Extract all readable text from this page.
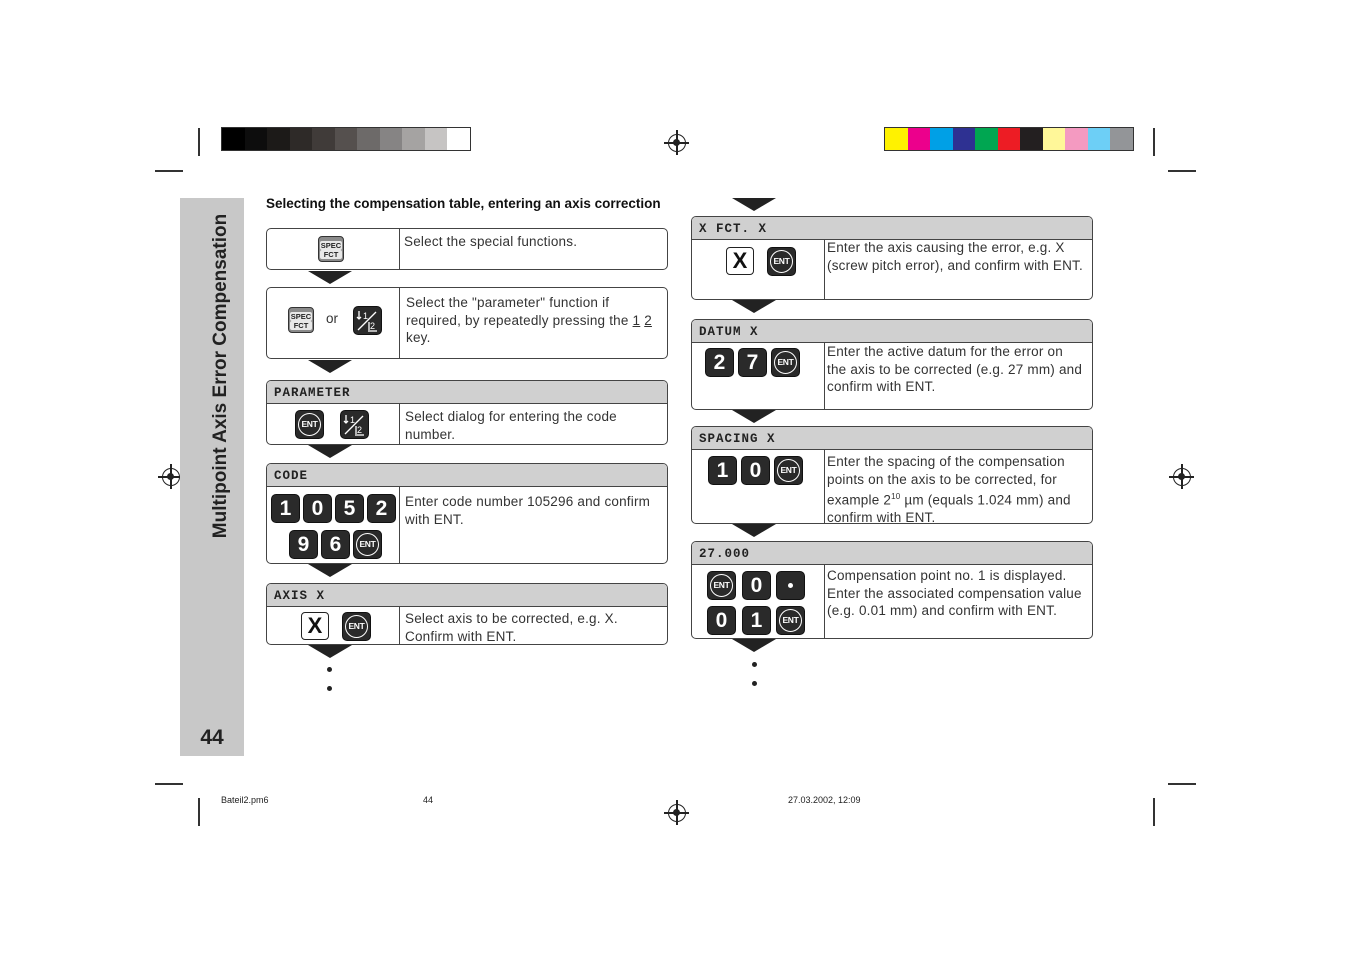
Multipoint Axis Error Compensation
44
Selecting the compensation table, entering an axis correction
SPEC
FCT
Select the special functions.
SPEC
FCT	or	1
2
Select the "parameter" function if required, by repeatedly pressing the 1 2 key.
PARAMETER
ENT	1
2
Select dialog for entering the code number.
CODE
1 0 5 2
9 6	ENT
Enter code number 105296 and confirm with ENT.
AXIS X
X	ENT	Select axis to be corrected, e.g. X. Confirm with ENT.
X FCT. X
X	ENT
Enter the axis causing the error, e.g. X (screw pitch error), and confirm with ENT.
DATUM X
2	7	ENT
Enter the active datum for the error on the axis to be corrected (e.g. 27 mm) and confirm with ENT.
SPACING X
1	0	ENT
Enter the spacing of the compensation points on the axis to be corrected, for example $2^{10}$ µm (equals 1.024 mm) and confirm with ENT.
27.000
ENT	0
0	1	ENT
Compensation point no. 1 is displayed. Enter the associated compensation value (e.g. 0.01 mm) and confirm with ENT.
Bateil2.pm6	44	27.03.2002, 12:09
